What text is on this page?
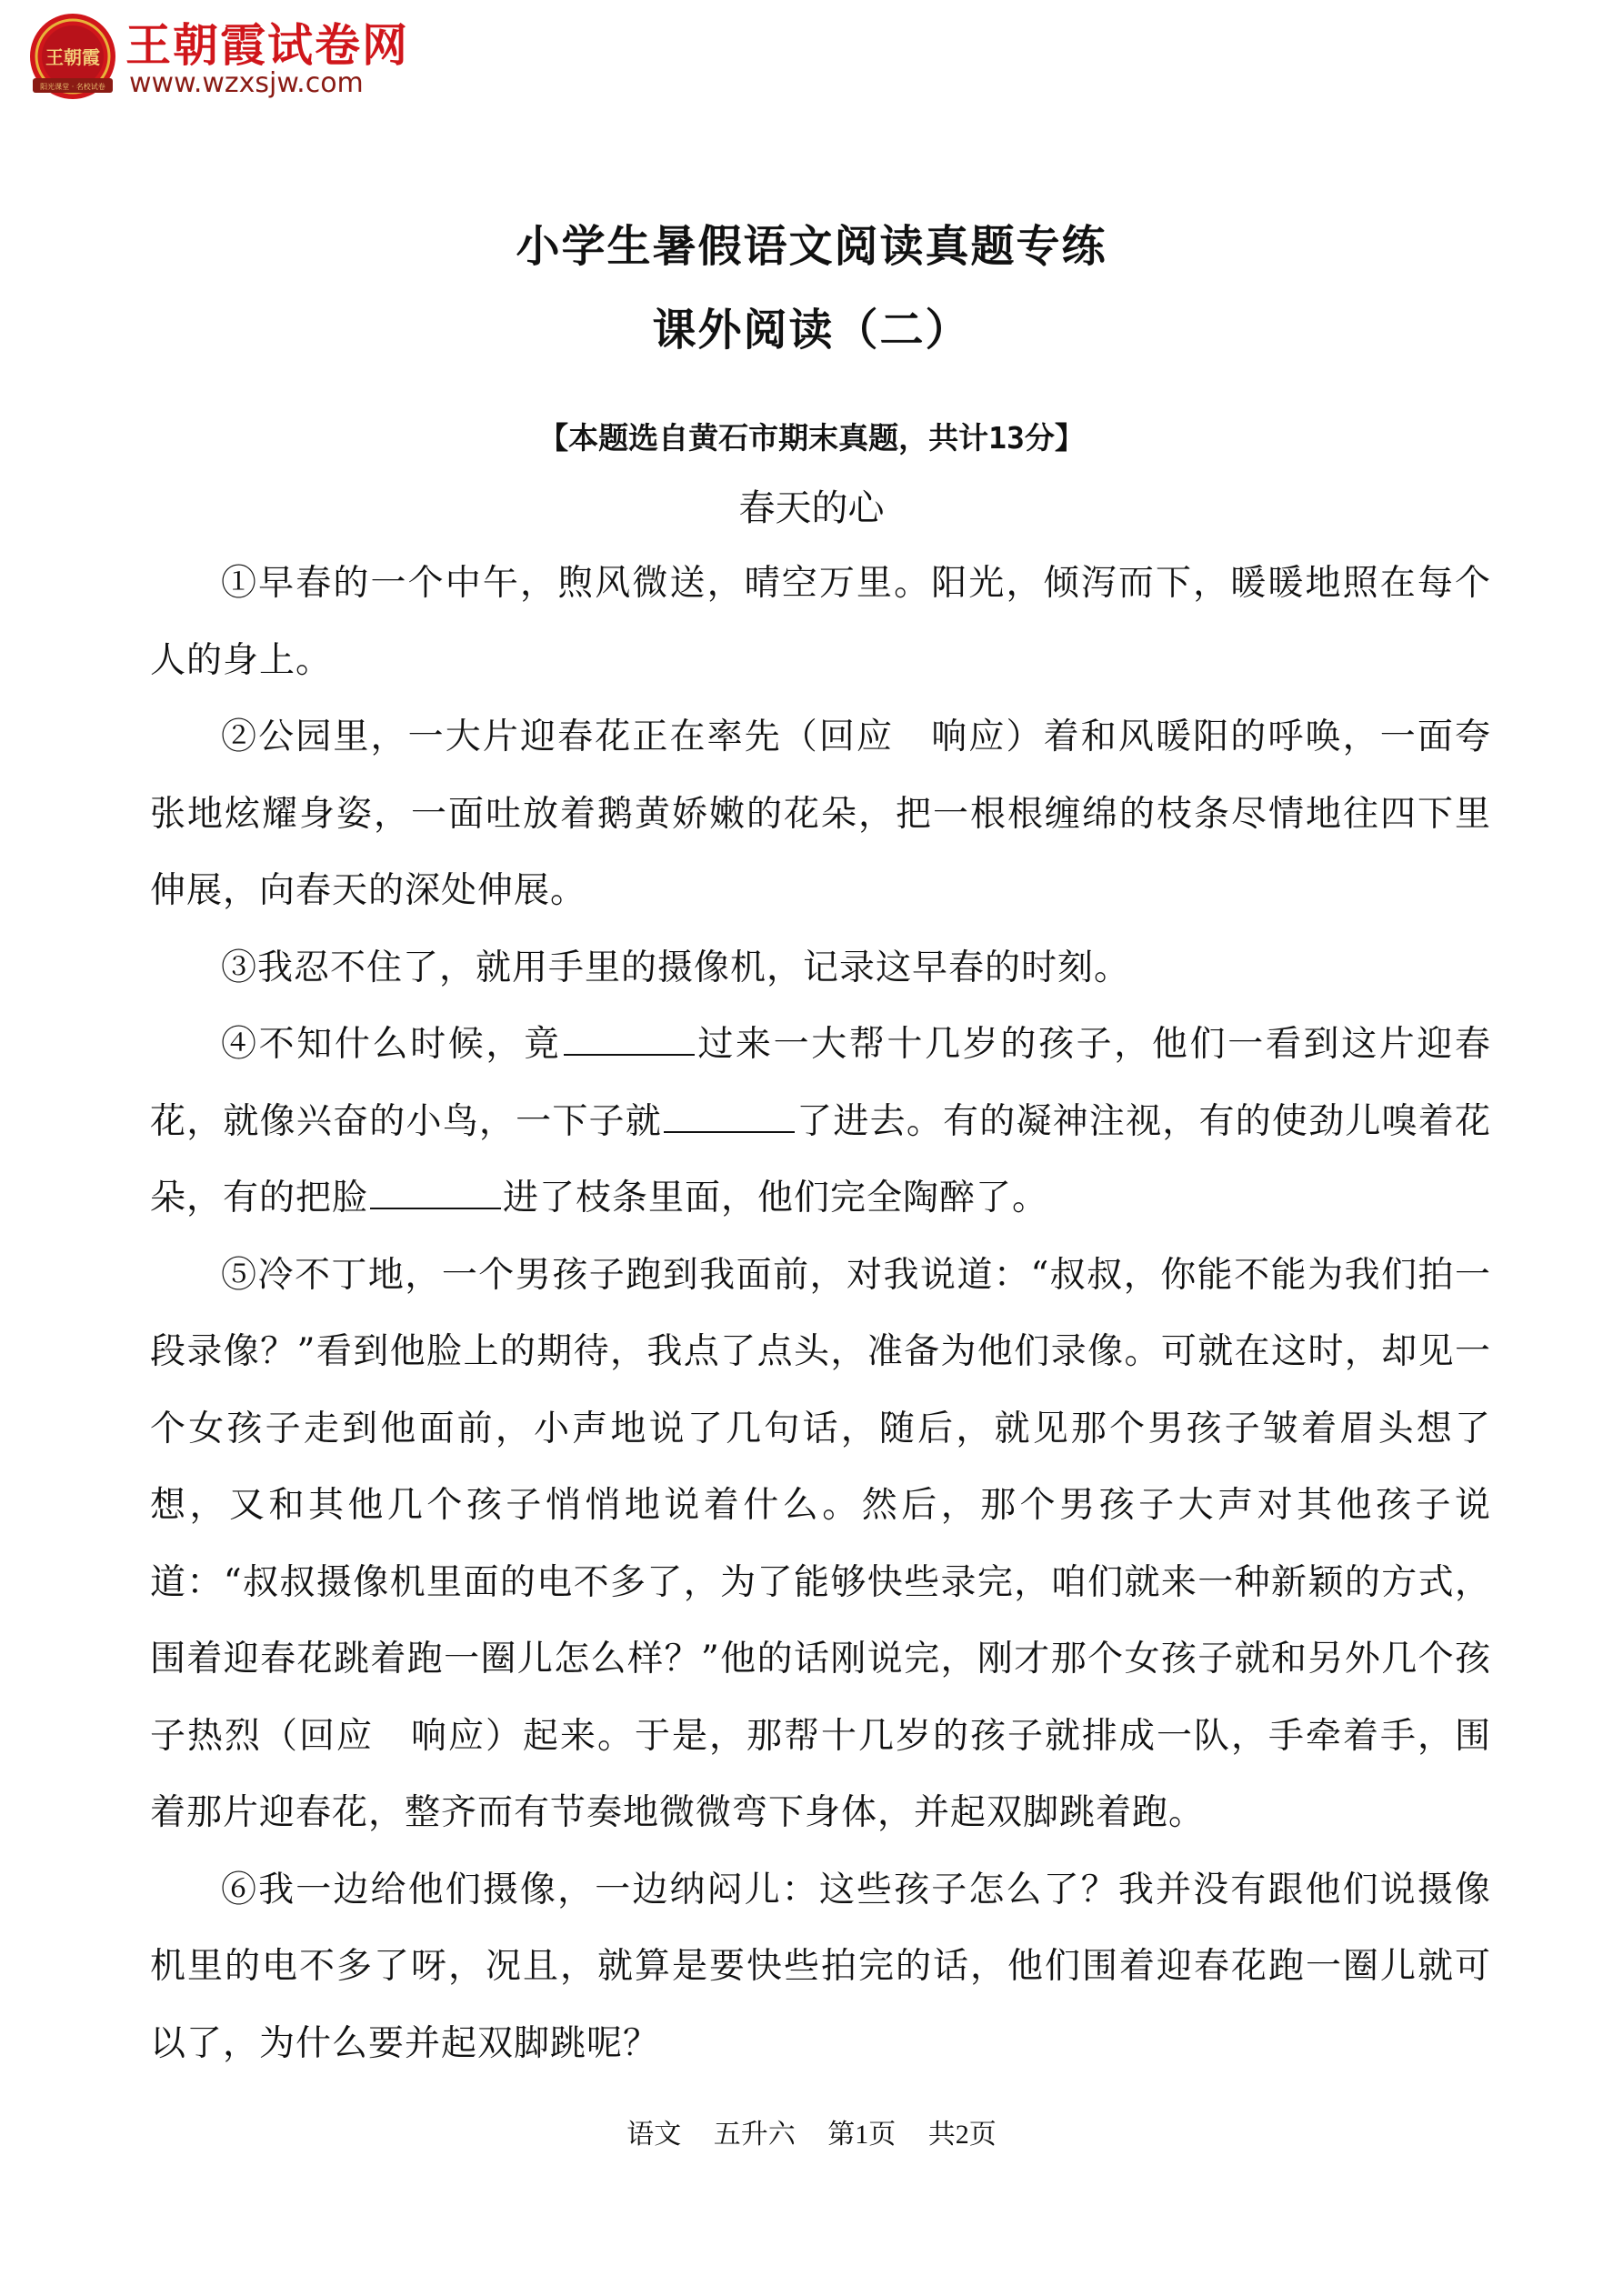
王朝霞
阳光课堂 · 名校试卷
王朝霞试卷网
www.wzxsjw.com
小学生暑假语文阅读真题专练
课外阅读（二）
【本题选自黄石市期末真题，共计13分】
春天的心

①早春的一个中午，煦风微送，晴空万里。阳光，倾泻而下，暖暖地照在每个人的身上。

②公园里，一大片迎春花正在率先（回应　响应）着和风暖阳的呼唤，一面夸张地炫耀身姿，一面吐放着鹅黄娇嫩的花朵，把一根根缠绵的枝条尽情地往四下里伸展，向春天的深处伸展。

③我忍不住了，就用手里的摄像机，记录这早春的时刻。

④不知什么时候，竟	过来一大帮十几岁的孩子，他们一看到这片迎春花，就像兴奋的小鸟，一下子就	了进去。有的凝神注视，有的使劲儿嗅着花朵，有的把脸	进了枝条里面，他们完全陶醉了。

⑤冷不丁地，一个男孩子跑到我面前，对我说道：“叔叔，你能不能为我们拍一段录像？”看到他脸上的期待，我点了点头，准备为他们录像。可就在这时，却见一个女孩子走到他面前，小声地说了几句话，随后，就见那个男孩子皱着眉头想了想，又和其他几个孩子悄悄地说着什么。然后，那个男孩子大声对其他孩子说道：“叔叔摄像机里面的电不多了，为了能够快些录完，咱们就来一种新颖的方式，围着迎春花跳着跑一圈儿怎么样？”他的话刚说完，刚才那个女孩子就和另外几个孩子热烈（回应　响应）起来。于是，那帮十几岁的孩子就排成一队，手牵着手，围着那片迎春花，整齐而有节奏地微微弯下身体，并起双脚跳着跑。

⑥我一边给他们摄像，一边纳闷儿：这些孩子怎么了？我并没有跟他们说摄像机里的电不多了呀，况且，就算是要快些拍完的话，他们围着迎春花跑一圈儿就可以了，为什么要并起双脚跳呢？

语文 五升六 第1页 共2页
